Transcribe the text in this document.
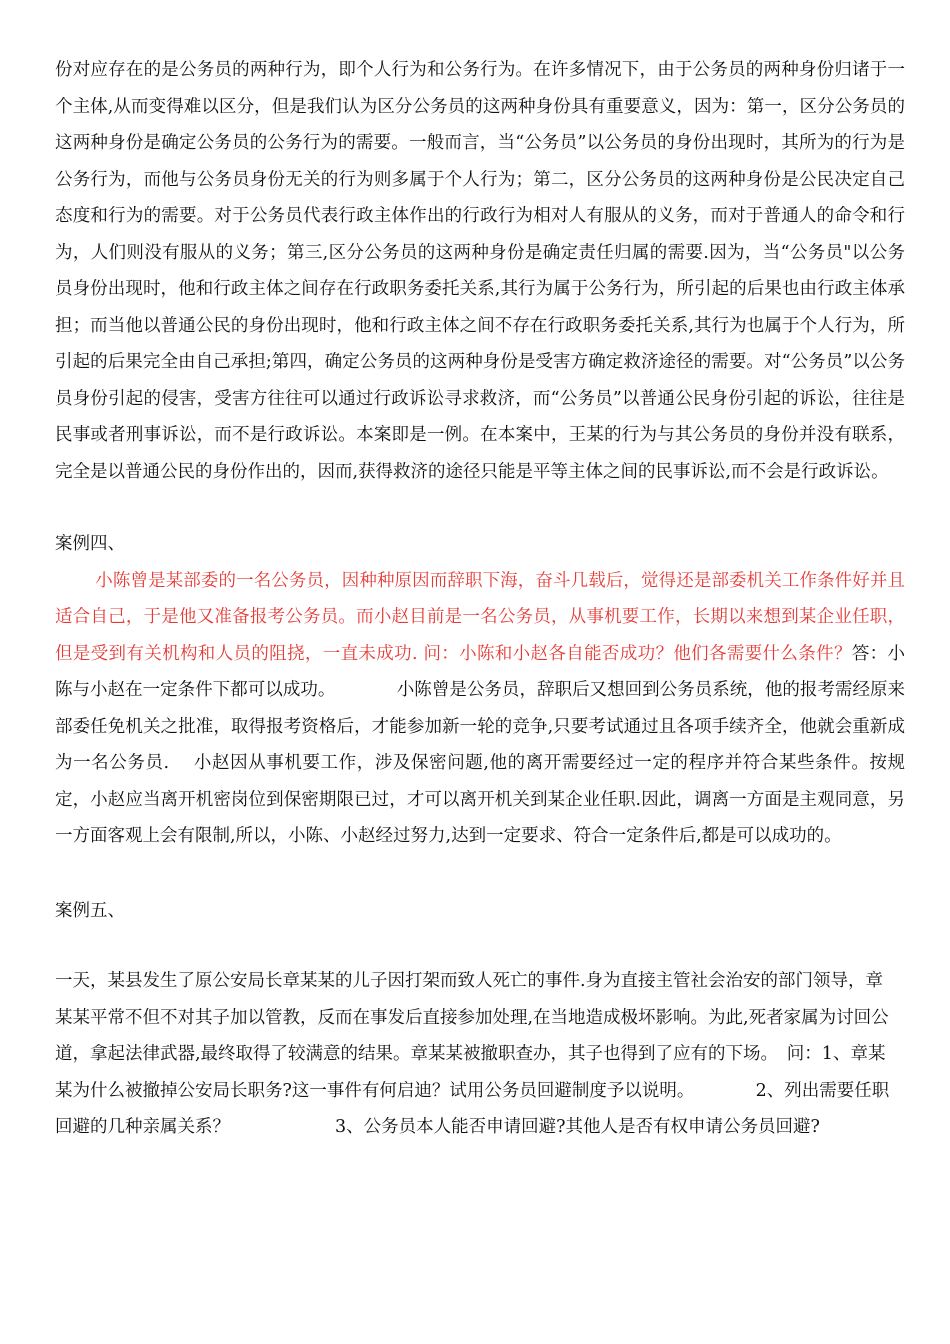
份对应存在的是公务员的两种行为，即个人行为和公务行为。在许多情况下，由于公务员的两种身份归诸于一个主体,从而变得难以区分，但是我们认为区分公务员的这两种身份具有重要意义，因为：第一，区分公务员的这两种身份是确定公务员的公务行为的需要。一般而言，当“公务员”以公务员的身份出现时，其所为的行为是公务行为，而他与公务员身份无关的行为则多属于个人行为；第二，区分公务员的这两种身份是公民决定自己态度和行为的需要。对于公务员代表行政主体作出的行政行为相对人有服从的义务，而对于普通人的命令和行为，人们则没有服从的义务；第三,区分公务员的这两种身份是确定责任归属的需要.因为，当“公务员"以公务员身份出现时，他和行政主体之间存在行政职务委托关系,其行为属于公务行为，所引起的后果也由行政主体承担；而当他以普通公民的身份出现时，他和行政主体之间不存在行政职务委托关系,其行为也属于个人行为，所引起的后果完全由自己承担;第四，确定公务员的这两种身份是受害方确定救济途径的需要。对“公务员”以公务员身份引起的侵害，受害方往往可以通过行政诉讼寻求救济，而“公务员”以普通公民身份引起的诉讼，往往是民事或者刑事诉讼，而不是行政诉讼。本案即是一例。在本案中，王某的行为与其公务员的身份并没有联系，完全是以普通公民的身份作出的，因而,获得救济的途径只能是平等主体之间的民事诉讼,而不会是行政诉讼。

案例四、

小陈曾是某部委的一名公务员，因种种原因而辞职下海，奋斗几载后，觉得还是部委机关工作条件好并且适合自己，于是他又准备报考公务员。而小赵目前是一名公务员，从事机要工作，长期以来想到某企业任职，但是受到有关机构和人员的阻挠，一直未成功. 问：小陈和小赵各自能否成功？他们各需要什么条件？答：小陈与小赵在一定条件下都可以成功。　　　　小陈曾是公务员，辞职后又想回到公务员系统，他的报考需经原来部委任免机关之批准，取得报考资格后，才能参加新一轮的竞争,只要考试通过且各项手续齐全，他就会重新成为一名公务员.　 小赵因从事机要工作，涉及保密问题,他的离开需要经过一定的程序并符合某些条件。按规定，小赵应当离开机密岗位到保密期限已过，才可以离开机关到某企业任职.因此，调离一方面是主观同意，另一方面客观上会有限制,所以，小陈、小赵经过努力,达到一定要求、符合一定条件后,都是可以成功的。

案例五、

一天，某县发生了原公安局长章某某的儿子因打架而致人死亡的事件.身为直接主管社会治安的部门领导，章某某平常不但不对其子加以管教，反而在事发后直接参加处理,在当地造成极坏影响。为此,死者家属为讨回公道，拿起法律武器,最终取得了较满意的结果。章某某被撤职查办，其子也得到了应有的下场。　问：1、章某某为什么被撤掉公安局长职务?这一事件有何启迪？试用公务员回避制度予以说明。　　　　2、列出需要任职回避的几种亲属关系？　　　　　　3、公务员本人能否申请回避?其他人是否有权申请公务员回避?
